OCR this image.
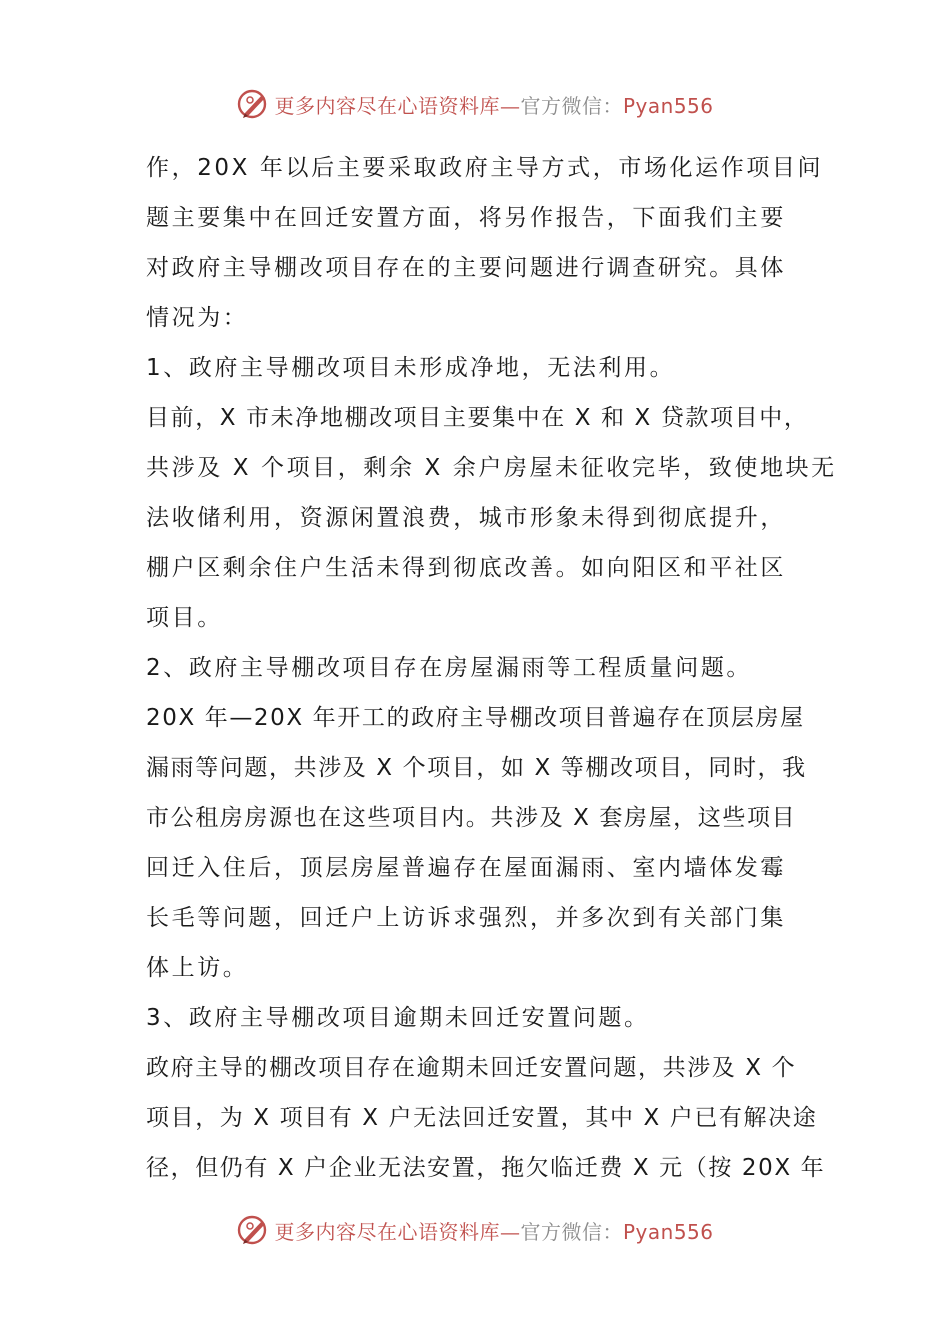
更多内容尽在心语资料库—官方微信：Pyan556
作，20X 年以后主要采取政府主导方式，市场化运作项目问
题主要集中在回迁安置方面，将另作报告，下面我们主要
对政府主导棚改项目存在的主要问题进行调查研究。具体
情况为：
1、政府主导棚改项目未形成净地，无法利用。
目前，X 市未净地棚改项目主要集中在 X 和 X 贷款项目中，
共涉及 X 个项目，剩余 X 余户房屋未征收完毕，致使地块无
法收储利用，资源闲置浪费，城市形象未得到彻底提升，
棚户区剩余住户生活未得到彻底改善。如向阳区和平社区
项目。
2、政府主导棚改项目存在房屋漏雨等工程质量问题。
20X 年—20X 年开工的政府主导棚改项目普遍存在顶层房屋
漏雨等问题，共涉及 X 个项目，如 X 等棚改项目，同时，我
市公租房房源也在这些项目内。共涉及 X 套房屋，这些项目
回迁入住后，顶层房屋普遍存在屋面漏雨、室内墙体发霉
长毛等问题，回迁户上访诉求强烈，并多次到有关部门集
体上访。
3、政府主导棚改项目逾期未回迁安置问题。
政府主导的棚改项目存在逾期未回迁安置问题，共涉及 X 个
项目，为 X 项目有 X 户无法回迁安置，其中 X 户已有解决途
径，但仍有 X 户企业无法安置，拖欠临迁费 X 元（按 20X 年
更多内容尽在心语资料库—官方微信：Pyan556
